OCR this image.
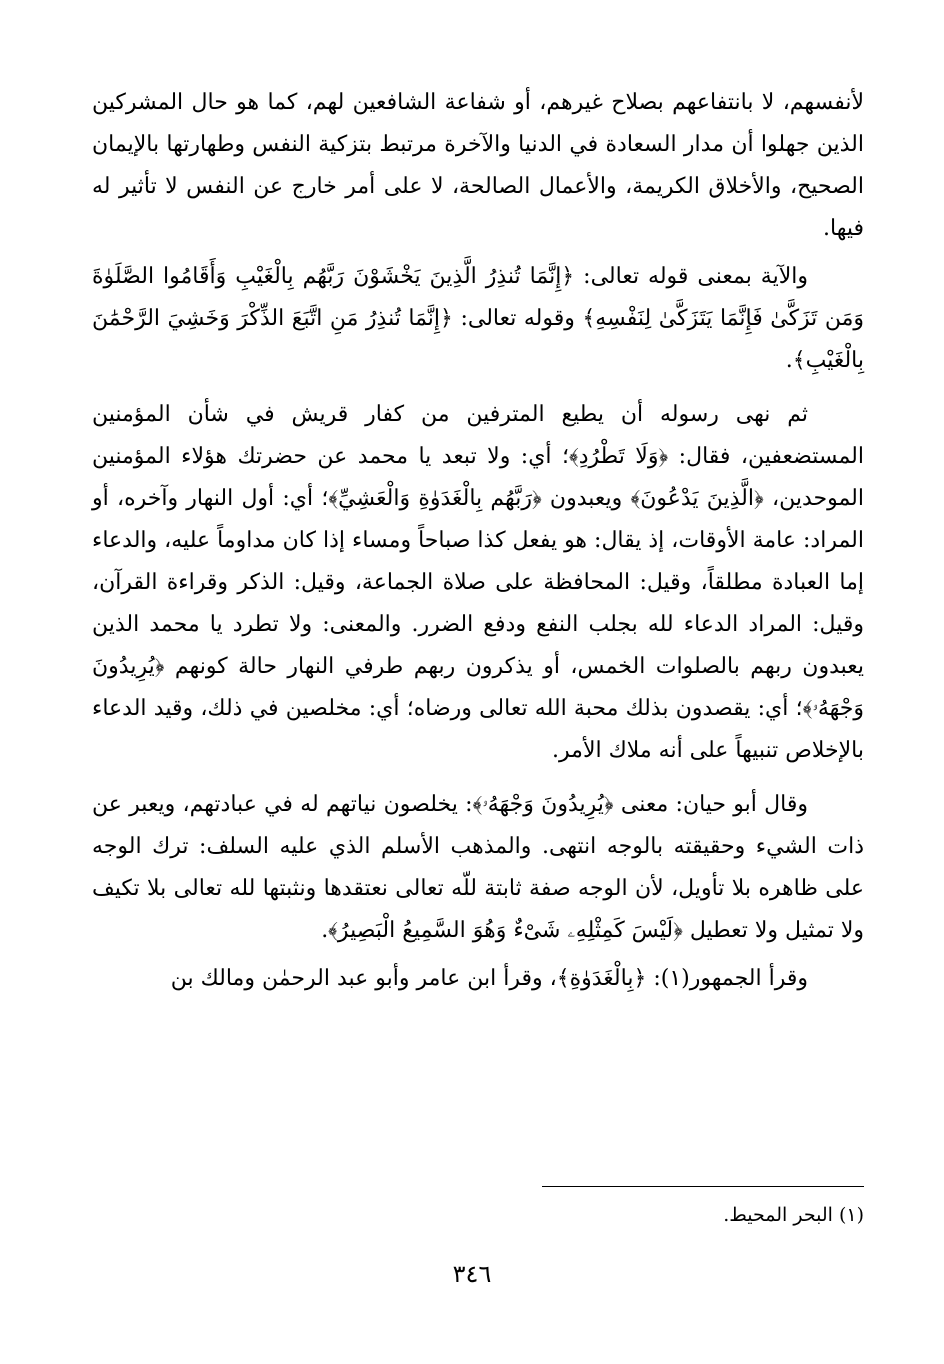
لأنفسهم، لا بانتفاعهم بصلاح غيرهم، أو شفاعة الشافعين لهم، كما هو حال المشركين الذين جهلوا أن مدار السعادة في الدنيا والآخرة مرتبط بتزكية النفس وطهارتها بالإيمان الصحيح، والأخلاق الكريمة، والأعمال الصالحة، لا على أمر خارج عن النفس لا تأثير له فيها.

والآية بمعنى قوله تعالى: ﴿إِنَّمَا تُنذِرُ الَّذِينَ يَخْشَوْنَ رَبَّهُم بِالْغَيْبِ وَأَقَامُوا الصَّلَوٰةَ وَمَن تَزَكَّىٰ فَإِنَّمَا يَتَزَكَّىٰ لِنَفْسِهِ﴾ وقوله تعالى: ﴿إِنَّمَا تُنذِرُ مَنِ اتَّبَعَ الذِّكْرَ وَخَشِيَ الرَّحْمَٰنَ بِالْغَيْبِ﴾.

ثم نهى رسوله أن يطيع المترفين من كفار قريش في شأن المؤمنين المستضعفين، فقال: ﴿وَلَا تَطْرُدِ﴾؛ أي: ولا تبعد يا محمد عن حضرتك هؤلاء المؤمنين الموحدين، ﴿الَّذِينَ يَدْعُونَ﴾ ويعبدون ﴿رَبَّهُم بِالْغَدَوٰةِ وَالْعَشِيِّ﴾؛ أي: أول النهار وآخره، أو المراد: عامة الأوقات، إذ يقال: هو يفعل كذا صباحاً ومساء إذا كان مداوماً عليه، والدعاء إما العبادة مطلقاً، وقيل: المحافظة على صلاة الجماعة، وقيل: الذكر وقراءة القرآن، وقيل: المراد الدعاء لله بجلب النفع ودفع الضرر. والمعنى: ولا تطرد يا محمد الذين يعبدون ربهم بالصلوات الخمس، أو يذكرون ربهم طرفي النهار حالة كونهم ﴿يُرِيدُونَ وَجْهَهُۥ﴾؛ أي: يقصدون بذلك محبة الله تعالى ورضاه؛ أي: مخلصين في ذلك، وقيد الدعاء بالإخلاص تنبيهاً على أنه ملاك الأمر.

وقال أبو حيان: معنى ﴿يُرِيدُونَ وَجْهَهُۥ﴾: يخلصون نياتهم له في عبادتهم، ويعبر عن ذات الشيء وحقيقته بالوجه انتهى. والمذهب الأسلم الذي عليه السلف: ترك الوجه على ظاهره بلا تأويل، لأن الوجه صفة ثابتة للّه تعالى نعتقدها ونثبتها لله تعالى بلا تكيف ولا تمثيل ولا تعطيل ﴿لَيْسَ كَمِثْلِهِۦ شَىْءٌ وَهُوَ السَّمِيعُ الْبَصِيرُ﴾.

وقرأ الجمهور(١): ﴿بِالْغَدَوٰةِ﴾، وقرأ ابن عامر وأبو عبد الرحمٰن ومالك بن

(١) البحر المحيط.
٣٤٦
